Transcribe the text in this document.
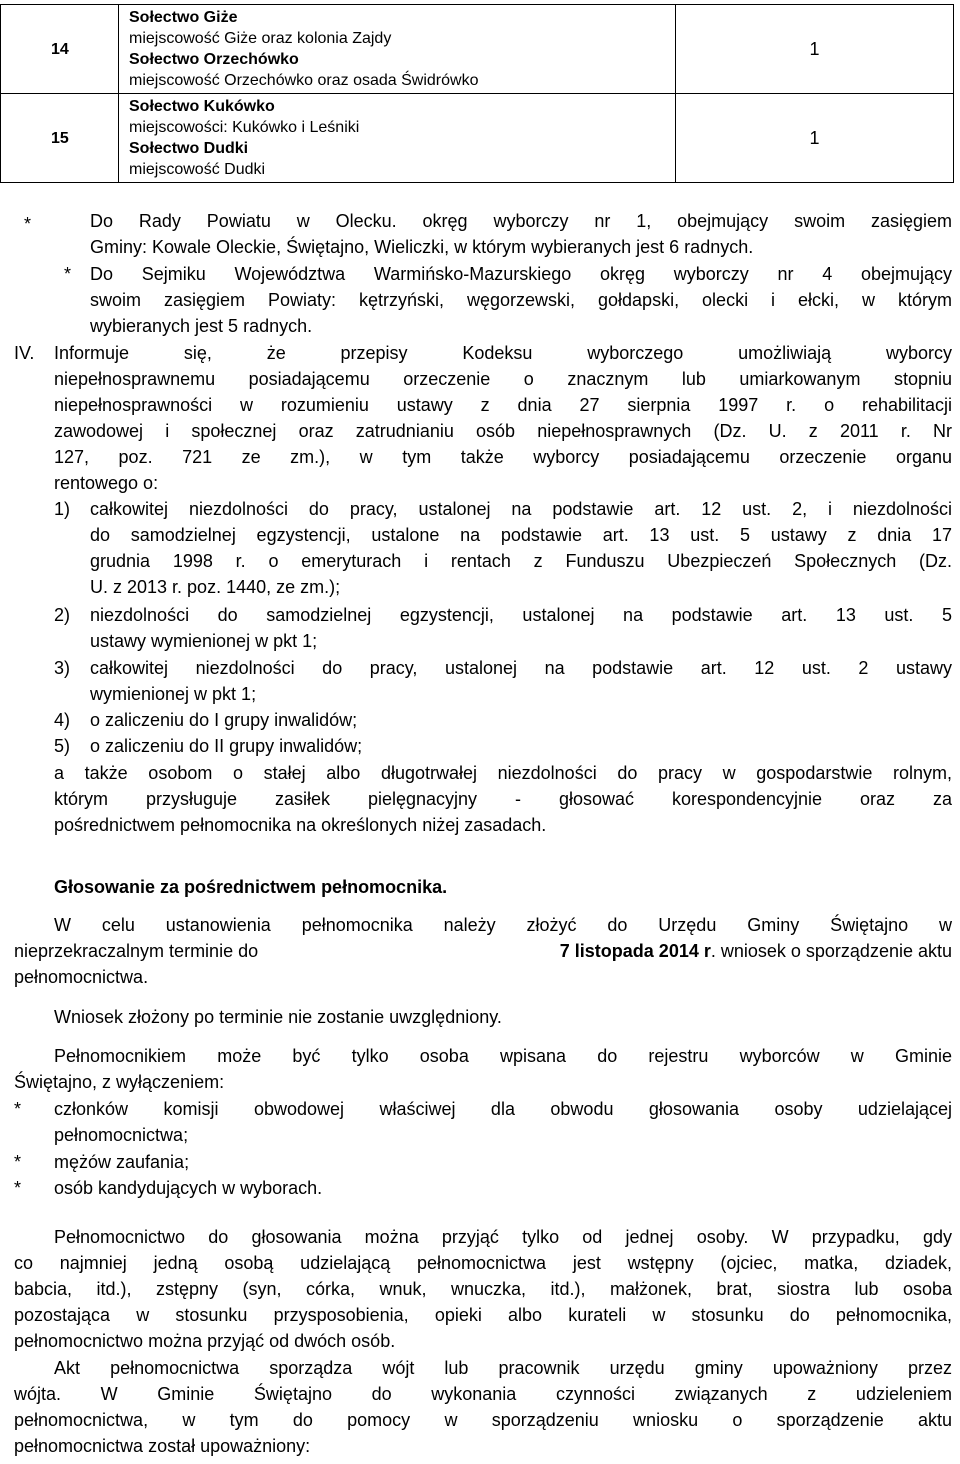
14	Sołectwo Giże
miejscowość Giże oraz kolonia Zajdy
Sołectwo Orzechówko
miejscowość Orzechówko oraz osada Świdrówko	1
15	Sołectwo Kukówko
miejscowości: Kukówko i Leśniki
Sołectwo Dudki
miejscowość Dudki	1
*	Do Rady Powiatu w Olecku. okręg wyborczy nr 1, obejmujący swoim zasięgiem
Gminy: Kowale Oleckie, Świętajno, Wieliczki, w którym wybieranych jest 6 radnych.
* Do Sejmiku Województwa Warmińsko-Mazurskiego okręg wyborczy nr 4 obejmujący
swoim zasięgiem Powiaty: kętrzyński, węgorzewski, gołdapski, olecki i ełcki, w którym
wybieranych jest 5 radnych.
IV. Informuje się, że przepisy Kodeksu wyborczego umożliwiają wyborcy
niepełnosprawnemu posiadającemu orzeczenie o znacznym lub umiarkowanym stopniu
niepełnosprawności w rozumieniu ustawy z dnia 27 sierpnia 1997 r. o rehabilitacji
zawodowej i społecznej oraz zatrudnianiu osób niepełnosprawnych (Dz. U. z 2011 r. Nr
127, poz. 721 ze zm.), w tym także wyborcy posiadającemu orzeczenie organu
rentowego o:
1) całkowitej niezdolności do pracy, ustalonej na podstawie art. 12 ust. 2, i niezdolności
do samodzielnej egzystencji, ustalone na podstawie art. 13 ust. 5 ustawy z dnia 17
grudnia 1998 r. o emeryturach i rentach z Funduszu Ubezpieczeń Społecznych (Dz.
U. z 2013 r. poz. 1440, ze zm.);
2) niezdolności do samodzielnej egzystencji, ustalonej na podstawie art. 13 ust. 5
ustawy wymienionej w pkt 1;
3) całkowitej niezdolności do pracy, ustalonej na podstawie art. 12 ust. 2 ustawy
wymienionej w pkt 1;
4) o zaliczeniu do I grupy inwalidów;
5) o zaliczeniu do II grupy inwalidów;
a także osobom o stałej albo długotrwałej niezdolności do pracy w gospodarstwie rolnym,
którym przysługuje zasiłek pielęgnacyjny - głosować korespondencyjnie oraz za
pośrednictwem pełnomocnika na określonych niżej zasadach.
Głosowanie za pośrednictwem pełnomocnika.
W celu ustanowienia pełnomocnika należy złożyć do Urzędu Gminy Świętajno w
nieprzekraczalnym terminie do	7 listopada 2014 r. wniosek o sporządzenie aktu
pełnomocnictwa.
Wniosek złożony po terminie nie zostanie uwzględniony.
Pełnomocnikiem może być tylko osoba wpisana do rejestru wyborców w Gminie
Świętajno, z wyłączeniem:
* członków komisji obwodowej właściwej dla obwodu głosowania osoby udzielającej
pełnomocnictwa;
* mężów zaufania;
* osób kandydujących w wyborach.
Pełnomocnictwo do głosowania można przyjąć tylko od jednej osoby. W przypadku, gdy
co najmniej jedną osobą udzielającą pełnomocnictwa jest wstępny (ojciec, matka, dziadek,
babcia, itd.), zstępny (syn, córka, wnuk, wnuczka, itd.), małżonek, brat, siostra lub osoba
pozostająca w stosunku przysposobienia, opieki albo kurateli w stosunku do pełnomocnika,
pełnomocnictwo można przyjąć od dwóch osób.
Akt pełnomocnictwa sporządza wójt lub pracownik urzędu gminy upoważniony przez
wójta. W Gminie Świętajno do wykonania czynności związanych z udzieleniem
pełnomocnictwa, w tym do pomocy w sporządzeniu wniosku o sporządzenie aktu
pełnomocnictwa został upoważniony:
